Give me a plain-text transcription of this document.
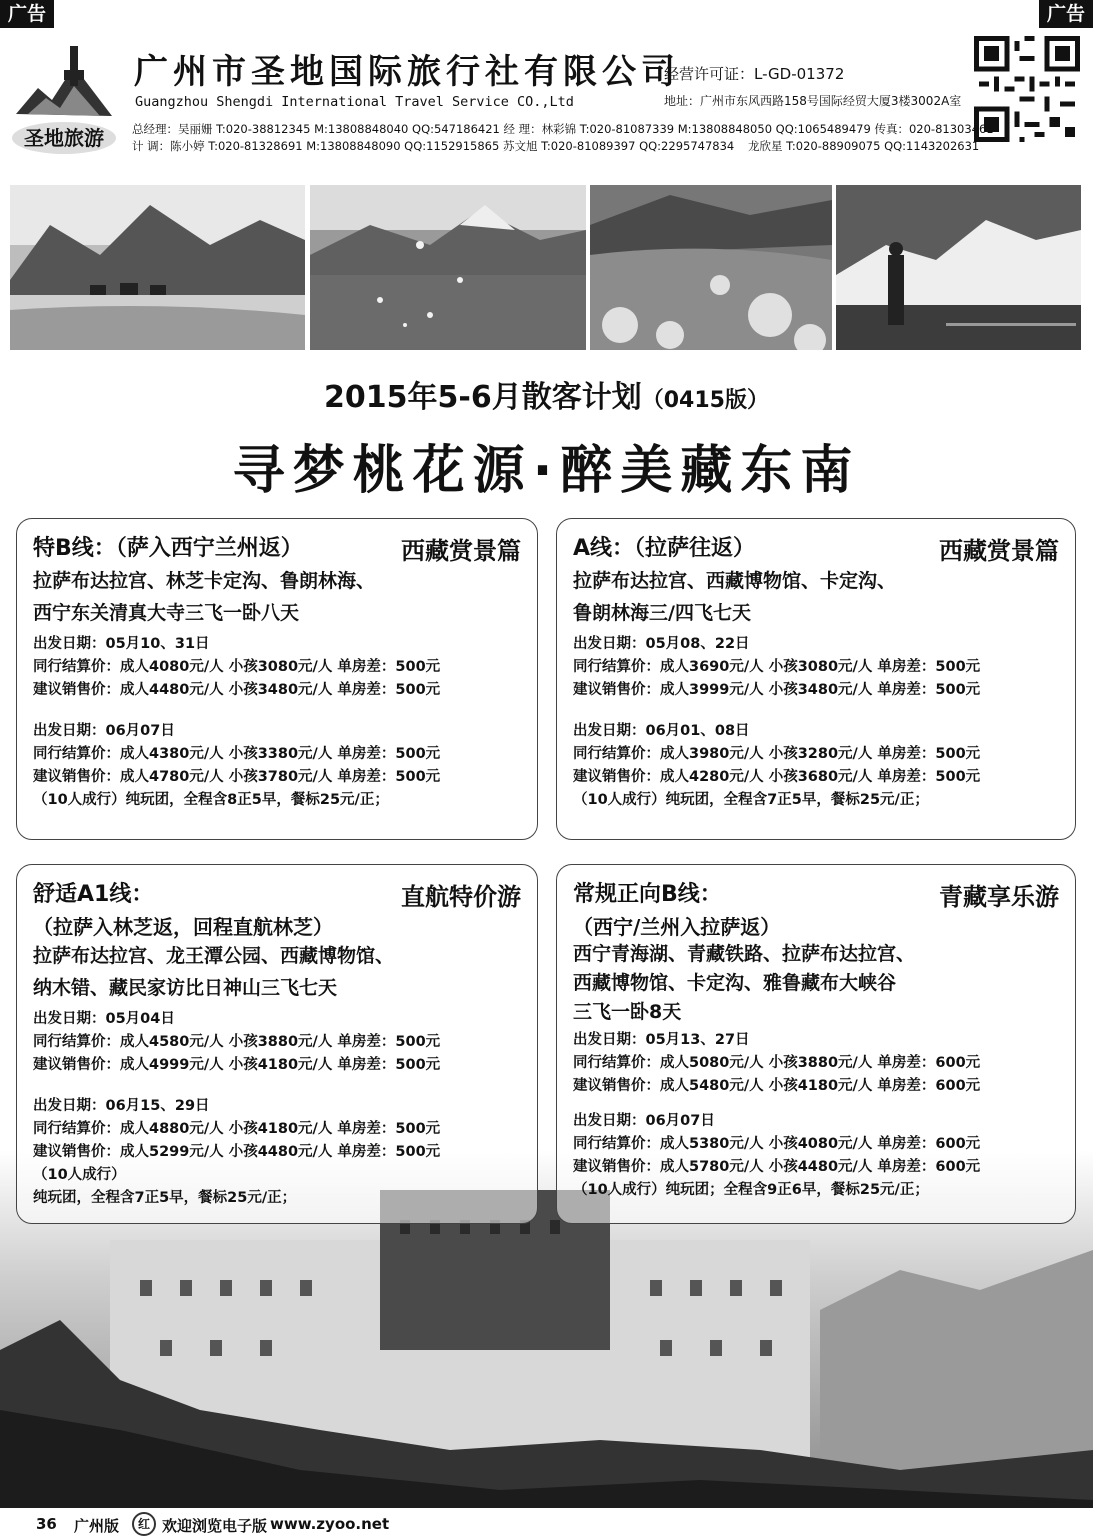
广告	广告
圣地旅游
广州市圣地国际旅行社有限公司
Guangzhou Shengdi International Travel Service CO.,Ltd
经营许可证：L-GD-01372
地址：广州市东风西路158号国际经贸大厦3楼3002A室
总经理：吴丽姗 T:020-38812345 M:13808848040 QQ:547186421 经 理：林彩锦 T:020-81087339 M:13808848050 QQ:1065489479 传真：020-81303461
计 调：陈小婷 T:020-81328691 M:13808848090 QQ:1152915865 苏文旭 T:020-81089397 QQ:2295747834 龙欣星 T:020-88909075 QQ:1143202631
2015年5-6月散客计划（0415版）
寻梦桃花源·醉美藏东南
特B线：（萨入西宁兰州返）	西藏赏景篇
拉萨布达拉宫、林芝卡定沟、鲁朗林海、
西宁东关清真大寺三飞一卧八天
出发日期：05月10、31日
同行结算价：成人4080元/人 小孩3080元/人 单房差：500元
建议销售价：成人4480元/人 小孩3480元/人 单房差：500元
出发日期：06月07日
同行结算价：成人4380元/人 小孩3380元/人 单房差：500元
建议销售价：成人4780元/人 小孩3780元/人 单房差：500元
（10人成行）纯玩团，全程含8正5早，餐标25元/正；
A线：（拉萨往返）	西藏赏景篇
拉萨布达拉宫、西藏博物馆、卡定沟、
鲁朗林海三/四飞七天
出发日期：05月08、22日
同行结算价：成人3690元/人 小孩3080元/人 单房差：500元
建议销售价：成人3999元/人 小孩3480元/人 单房差：500元
出发日期：06月01、08日
同行结算价：成人3980元/人 小孩3280元/人 单房差：500元
建议销售价：成人4280元/人 小孩3680元/人 单房差：500元
（10人成行）纯玩团，全程含7正5早，餐标25元/正；
舒适A1线：	直航特价游
（拉萨入林芝返，回程直航林芝）
拉萨布达拉宫、龙王潭公园、西藏博物馆、
纳木错、藏民家访比日神山三飞七天
出发日期：05月04日
同行结算价：成人4580元/人 小孩3880元/人 单房差：500元
建议销售价：成人4999元/人 小孩4180元/人 单房差：500元
出发日期：06月15、29日
同行结算价：成人4880元/人 小孩4180元/人 单房差：500元
建议销售价：成人5299元/人 小孩4480元/人 单房差：500元
（10人成行）
纯玩团，全程含7正5早，餐标25元/正；
常规正向B线：	青藏享乐游
（西宁/兰州入拉萨返）
西宁青海湖、青藏铁路、拉萨布达拉宫、
西藏博物馆、卡定沟、雅鲁藏布大峡谷
三飞一卧8天
出发日期：05月13、27日
同行结算价：成人5080元/人 小孩3880元/人 单房差：600元
建议销售价：成人5480元/人 小孩4180元/人 单房差：600元
出发日期：06月07日
同行结算价：成人5380元/人 小孩4080元/人 单房差：600元
建议销售价：成人5780元/人 小孩4480元/人 单房差：600元
（10人成行）纯玩团；全程含9正6早，餐标25元/正；
36 广州版	红 欢迎浏览电子版 www.zyoo.net
